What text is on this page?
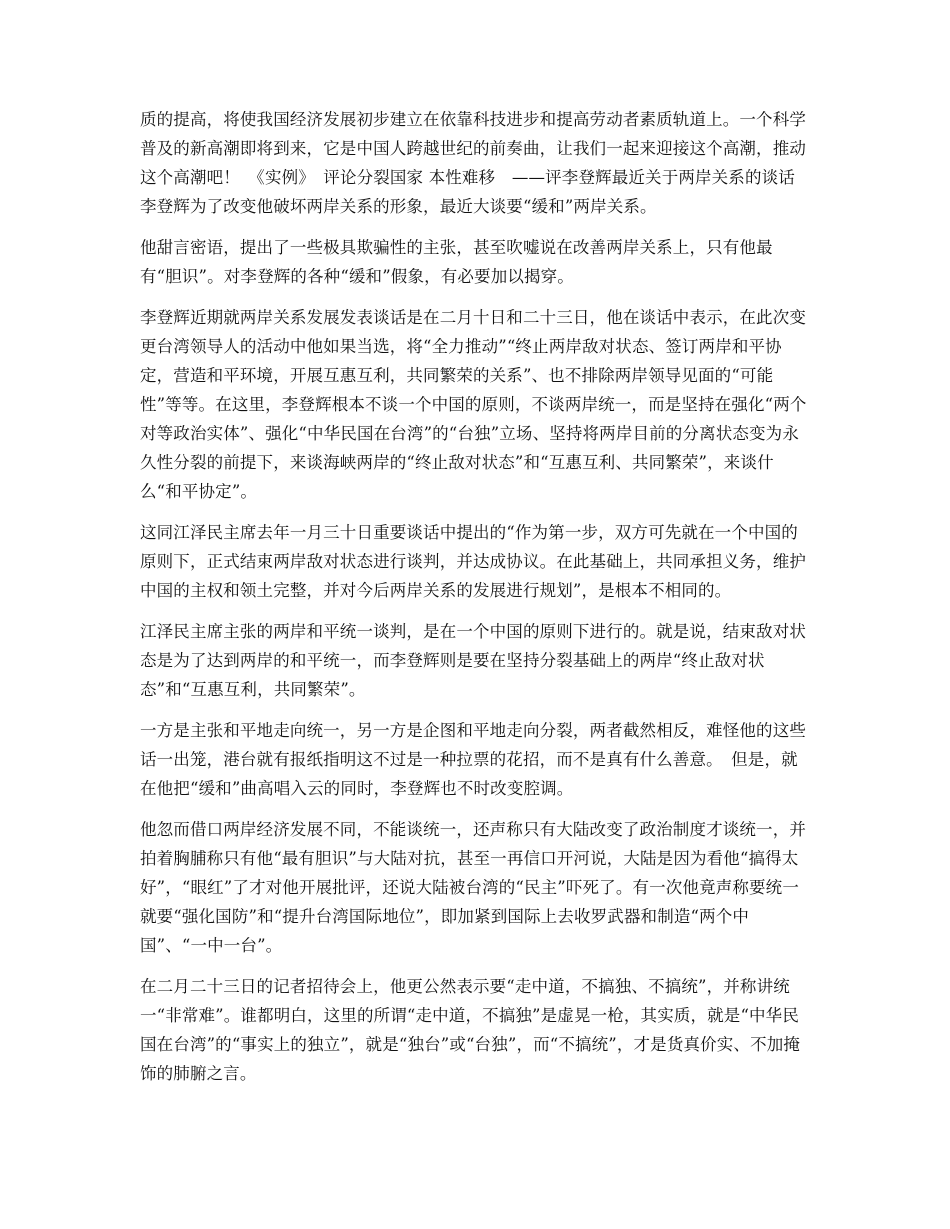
质的提高，将使我国经济发展初步建立在依靠科技进步和提高劳动者素质轨道上。一个科学普及的新高潮即将到来，它是中国人跨越世纪的前奏曲，让我们一起来迎接这个高潮，推动这个高潮吧！　《实例》　评论分裂国家 本性难移　——评李登辉最近关于两岸关系的谈话　李登辉为了改变他破坏两岸关系的形象，最近大谈要“缓和”两岸关系。

他甜言密语，提出了一些极具欺骗性的主张，甚至吹嘘说在改善两岸关系上，只有他最有“胆识”。对李登辉的各种“缓和”假象，有必要加以揭穿。

李登辉近期就两岸关系发展发表谈话是在二月十日和二十三日，他在谈话中表示，在此次变更台湾领导人的活动中他如果当选，将“全力推动”“终止两岸敌对状态、签订两岸和平协定，营造和平环境，开展互惠互利，共同繁荣的关系”、也不排除两岸领导见面的“可能性”等等。在这里，李登辉根本不谈一个中国的原则，不谈两岸统一，而是坚持在强化“两个对等政治实体”、强化“中华民国在台湾”的“台独”立场、坚持将两岸目前的分离状态变为永久性分裂的前提下，来谈海峡两岸的“终止敌对状态”和“互惠互利、共同繁荣”，来谈什么“和平协定”。

这同江泽民主席去年一月三十日重要谈话中提出的“作为第一步，双方可先就在一个中国的原则下，正式结束两岸敌对状态进行谈判，并达成协议。在此基础上，共同承担义务，维护中国的主权和领土完整，并对今后两岸关系的发展进行规划”，是根本不相同的。

江泽民主席主张的两岸和平统一谈判，是在一个中国的原则下进行的。就是说，结束敌对状态是为了达到两岸的和平统一，而李登辉则是要在坚持分裂基础上的两岸“终止敌对状态”和“互惠互利，共同繁荣”。

一方是主张和平地走向统一，另一方是企图和平地走向分裂，两者截然相反，难怪他的这些话一出笼，港台就有报纸指明这不过是一种拉票的花招，而不是真有什么善意。　但是，就在他把“缓和”曲高唱入云的同时，李登辉也不时改变腔调。

他忽而借口两岸经济发展不同，不能谈统一，还声称只有大陆改变了政治制度才谈统一，并拍着胸脯称只有他“最有胆识”与大陆对抗，甚至一再信口开河说，大陆是因为看他“搞得太好”，“眼红”了才对他开展批评，还说大陆被台湾的“民主”吓死了。有一次他竟声称要统一就要“强化国防”和“提升台湾国际地位”，即加紧到国际上去收罗武器和制造“两个中国”、“一中一台”。

在二月二十三日的记者招待会上，他更公然表示要“走中道，不搞独、不搞统”，并称讲统一“非常难”。谁都明白，这里的所谓“走中道，不搞独”是虚晃一枪，其实质，就是“中华民国在台湾”的“事实上的独立”，就是“独台”或“台独”，而“不搞统”，才是货真价实、不加掩饰的肺腑之言。
